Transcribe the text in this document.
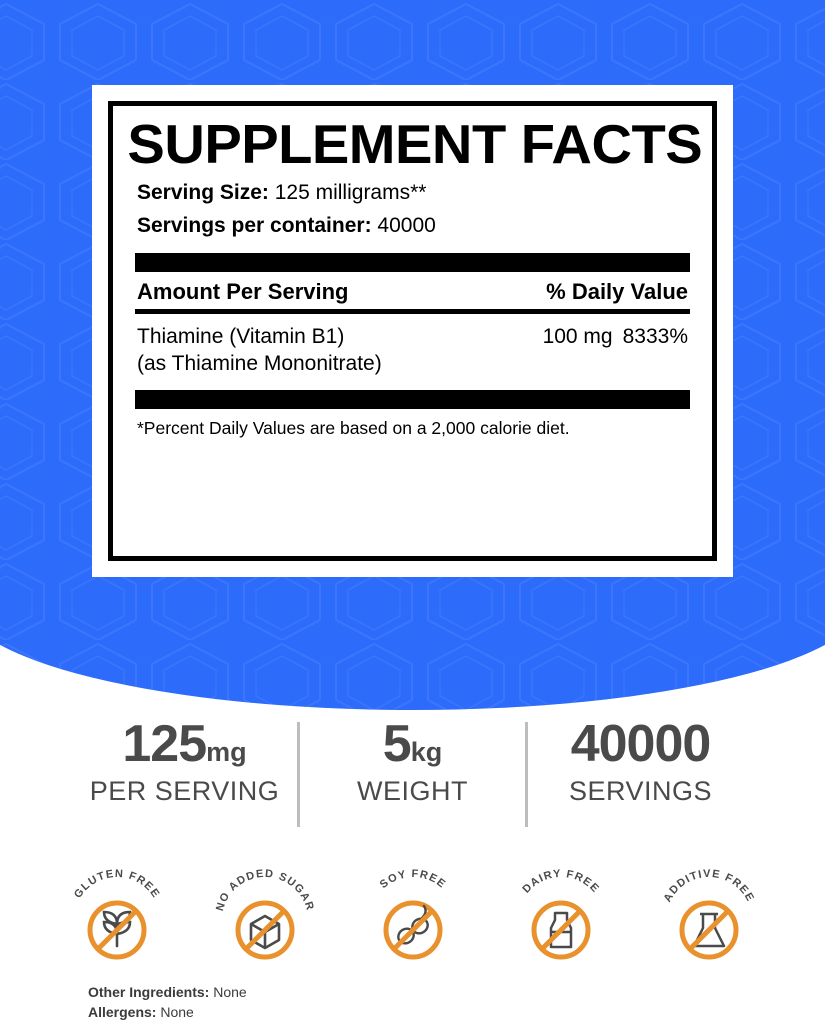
SUPPLEMENT FACTS
Serving Size: 125 milligrams**
Servings per container: 40000
Amount Per Serving	% Daily Value
Thiamine (Vitamin B1)
(as Thiamine Mononitrate)
100 mg 8333%
*Percent Daily Values are based on a 2,000 calorie diet.
125mg
PER SERVING
5kg
WEIGHT
40000
SERVINGS
GLUTEN FREE
NO ADDED SUGAR
SOY FREE	DAIRY FREE
ADDITIVE FREE
Other Ingredients: None
Allergens: None
